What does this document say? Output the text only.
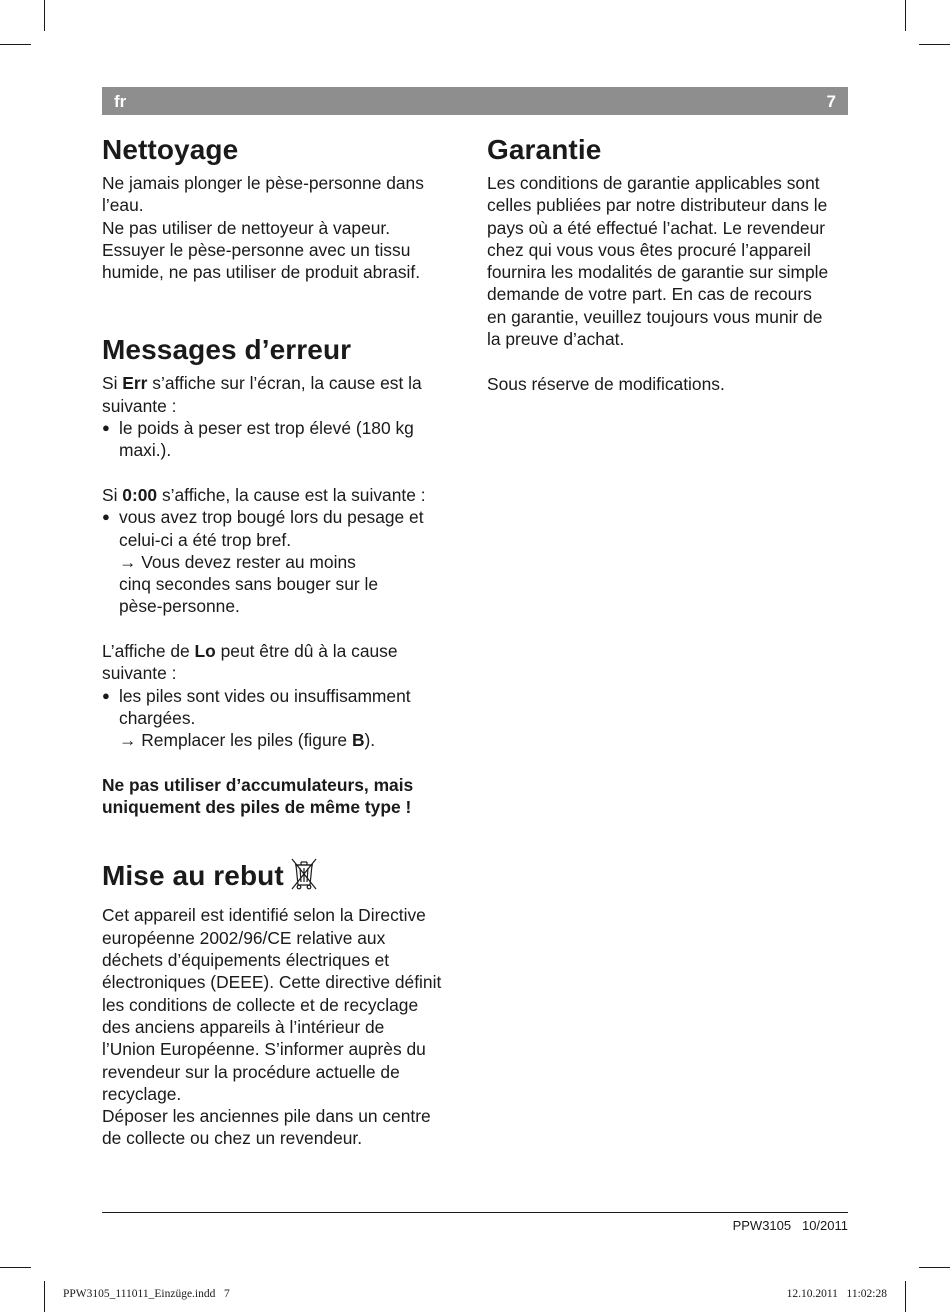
fr	7
Nettoyage

Ne jamais plonger le pèse-personne dans

l’eau.

Ne pas utiliser de nettoyeur à vapeur.

Essuyer le pèse-personne avec un tissu

humide, ne pas utiliser de produit abrasif.

Messages d’erreur

Si Err s’affiche sur l’écran, la cause est la

suivante :

● le poids à peser est trop élevé (180 kg
maxi.).

Si 0:00 s’affiche, la cause est la suivante :

● vous avez trop bougé lors du pesage et
celui-ci a été trop bref.
→ Vous devez rester au moins
cinq secondes sans bouger sur le
pèse-personne.

L’affiche de Lo peut être dû à la cause

suivante :

● les piles sont vides ou insuffisamment
chargées.
→ Remplacer les piles (figure B).

Ne pas utiliser d’accumulateurs, mais

uniquement des piles de même type !

Mise au rebut

Cet appareil est identifié selon la Directive

européenne 2002/96/CE relative aux

déchets d’équipements électriques et

électroniques (DEEE). Cette directive définit

les conditions de collecte et de recyclage

des anciens appareils à l’intérieur de

l’Union Européenne. S’informer auprès du

revendeur sur la procédure actuelle de

recyclage.

Déposer les anciennes pile dans un centre

de collecte ou chez un revendeur.

Garantie

Les conditions de garantie applicables sont

celles publiées par notre distributeur dans le

pays où a été effectué l’achat. Le revendeur

chez qui vous vous êtes procuré l’appareil

fournira les modalités de garantie sur simple

demande de votre part. En cas de recours

en garantie, veuillez toujours vous munir de

la preuve d’achat.

Sous réserve de modifications.

PPW3105   10/2011
PPW3105_111011_Einzüge.indd   7	12.10.2011   11:02:28
